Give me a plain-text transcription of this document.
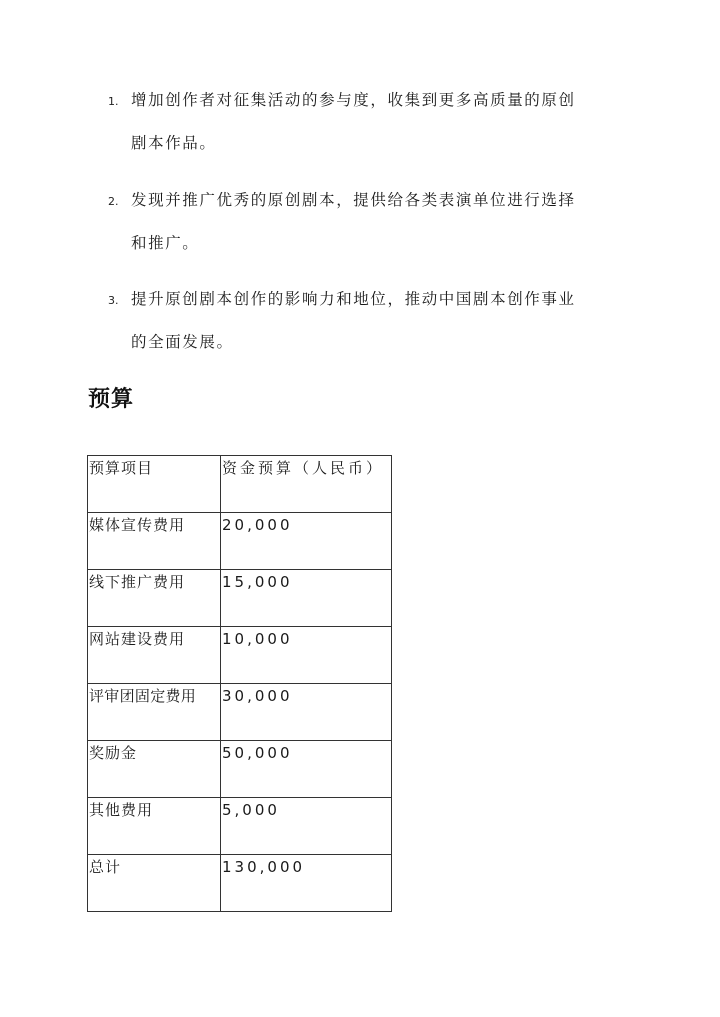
1. 增加创作者对征集活动的参与度，收集到更多高质量的原创
剧本作品。
2. 发现并推广优秀的原创剧本，提供给各类表演单位进行选择
和推广。
3. 提升原创剧本创作的影响力和地位，推动中国剧本创作事业
的全面发展。
预算
预算项目	资金预算（人民币）

媒体宣传费用	20,000

线下推广费用	15,000

网站建设费用	10,000

评审团固定费用	30,000

奖励金	50,000

其他费用	5,000

总计	130,000
